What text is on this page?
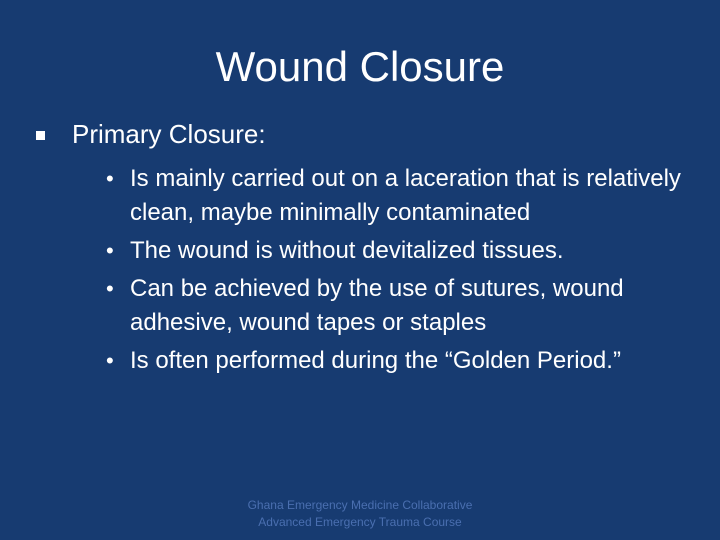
Wound Closure
Primary Closure:
• Is mainly carried out on a laceration that is relatively clean, maybe minimally contaminated
• The wound is without devitalized tissues.
• Can be achieved by the use of sutures, wound adhesive, wound tapes or staples
• Is often performed during the “Golden Period.”
Ghana Emergency Medicine Collaborative
Advanced Emergency Trauma Course
